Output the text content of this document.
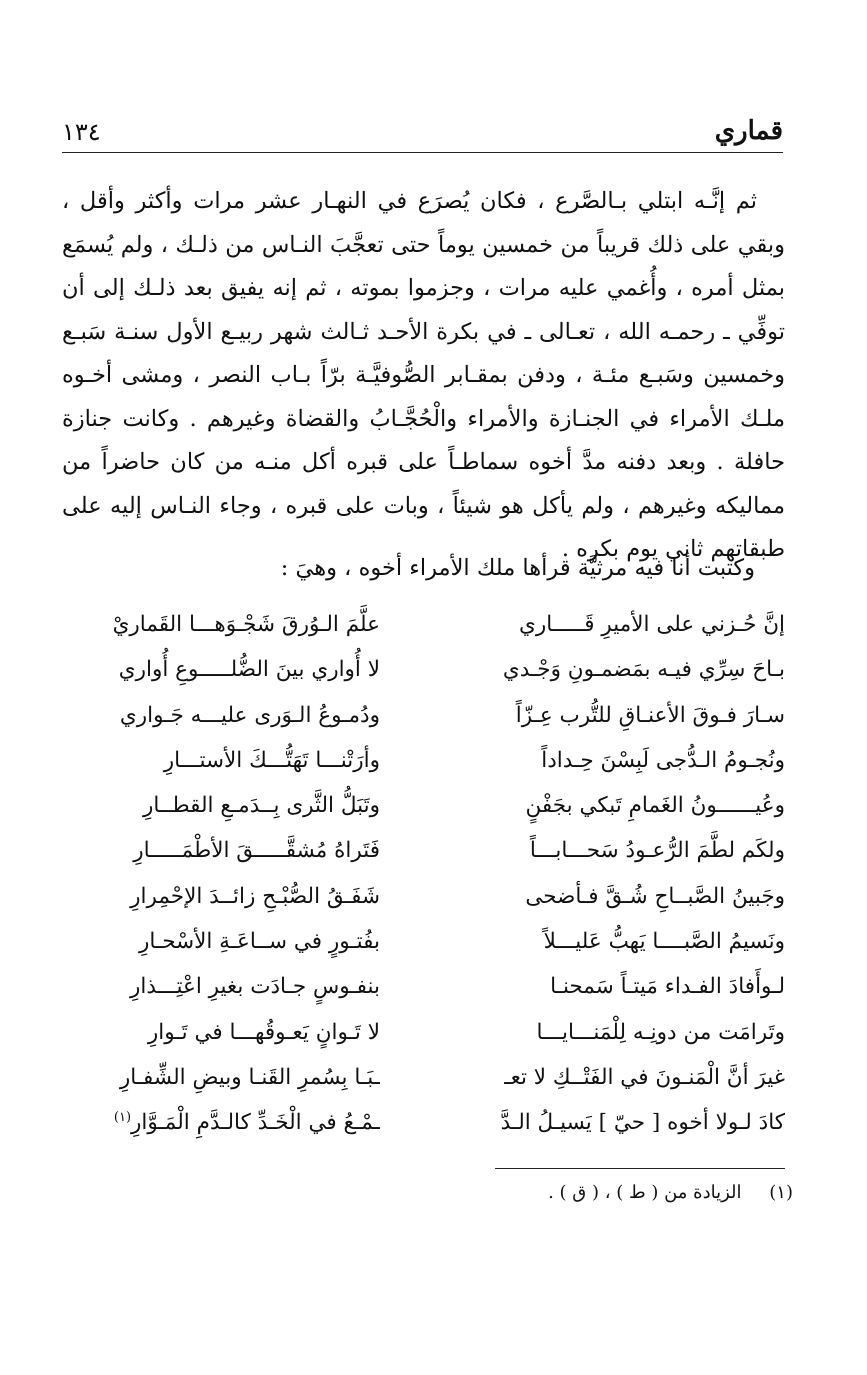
قماري
١٣٤

ثم إنَّـه ابتلي بـالصَّرع ، فكان يُصرَع في النهـار عشر مرات وأكثر وأقل ، وبقي على ذلك قريباً من خمسين يوماً حتى تعجَّبَ النـاس من ذلـك ، ولم يُسمَع بمثل أمره ، وأُغمي عليه مرات ، وجزموا بموته ، ثم إنه يفيق بعد ذلـك إلى أن توفِّي ـ رحمـه الله ، تعـالى ـ في بكرة الأحـد ثـالث شهر ربيـع الأول سنـة سَبـع وخمسين وسَبـع مئـة ، ودفن بمقـابر الصُّوفيَّـة برّاً بـاب النصر ، ومشى أخـوه ملـك الأمراء في الجنـازة والأمراء والْحُجَّـابُ والقضاة وغيرهم . وكانت جنازة حافلة . وبعد دفنه مدَّ أخوه سماطـاً على قبره أكل منـه من كان حاضراً من مماليكه وغيرهم ، ولم يأكل هو شيئاً ، وبات على قبره ، وجاء النـاس إليه على طبقاتهم ثاني يوم بكره .

وكتبت أنا فيه مرثيَّة قرأها ملك الأمراء أخوه ، وهيَ :
إنَّ حُـزني على الأميرِ قَـــــاري
علَّمَ الـوُرقَ شَجْـوَهـــا القَماريْ
بـاحَ سِرِّي فيـه بمَضمـونِ وَجْـدي
لا أُواري بينَ الضُّلـــــوعِ أُواري
سـارَ فـوقَ الأعنـاقِ للتُّرب عِـزّاً
ودُمـوعُ الـوَرى عليـــه جَـواري
ونُجـومُ الـدُّجى لَبِسْنَ حِـداداً
وأرَتْنـــا تَهَتُّـــكَ الأستـــارِ
وعُيــــــونُ الغَمامِ تَبكي بجَفْنٍ
وتَبَلُّ الثَّرى بِــدَمـعِ القطــارِ
ولكَم لطَّمَ الرُّعـودُ سَحـــابـــاً
فَتَراهُ مُشقَّـــــقَ الأطْمَـــــارِ
وجَبينُ الصَّبــاحِ شُـقَّ فـأضحى
شَفَـقُ الصُّبْـحِ زائــدَ الإحْمِرارِ
ونَسيمُ الصَّبــــا يَهبُّ عَليـــلاً
بفُتـورٍ في ســاعَـةِ الأسْحـارِ
لـوأَفادَ الفـداء مَيتـاً سَمحنـا
بنفـوسٍ جـادَت بغيرِ اعْتِـــذارِ
وتَرامَت من دونِـه لِلْمَنـــايـــا
لا تَـوانٍ يَعـوقُهـــا في تَـوارِ
غيرَ أنَّ الْمَنـونَ في الفَتْــكِ لا تعـ
ـبَـا بِسُمرِ القَنـا وبيضِ الشِّفـارِ
كادَ لـولا أخوه [ حيّ ] يَسيـلُ الـدَّ
ـمْـعُ في الْخَـدِّ كالـدَّمِ الْمَـوَّارِ$^{(١)}$
(١) الزيادة من ( ط ) ، ( ق ) .
